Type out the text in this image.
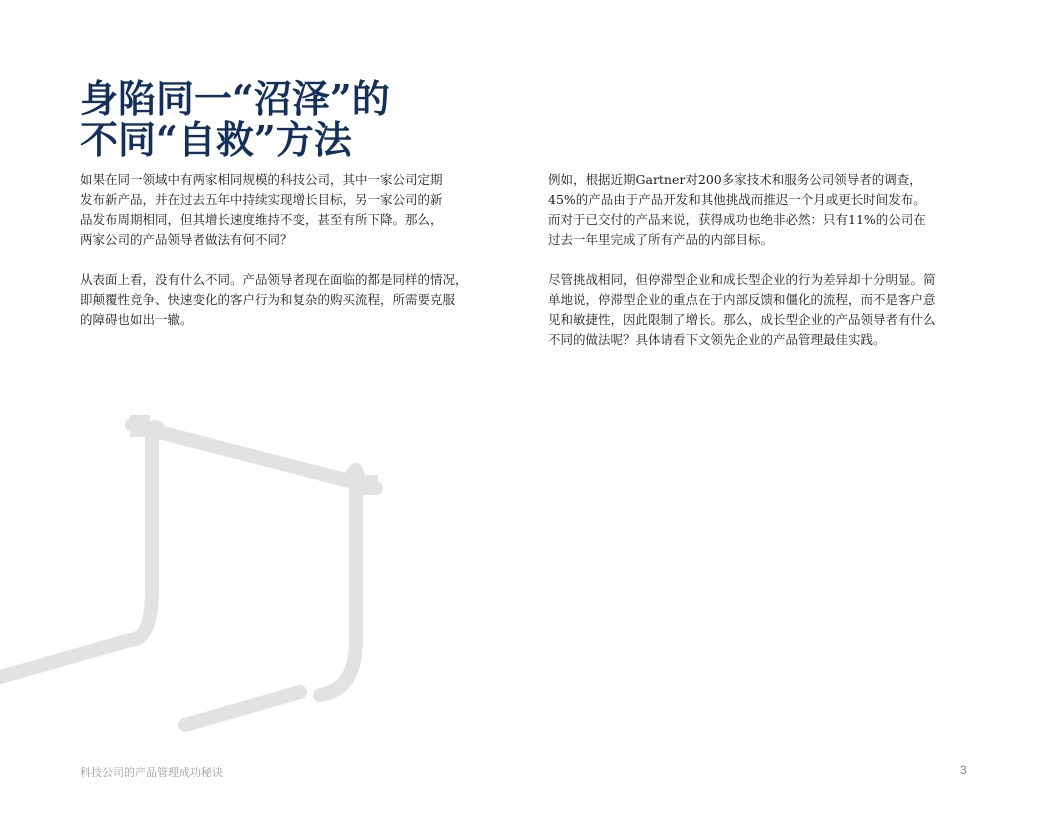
身陷同一“沼泽”的
不同“自救”方法

如果在同一领域中有两家相同规模的科技公司，其中一家公司定期
发布新产品，并在过去五年中持续实现增长目标，另一家公司的新
品发布周期相同，但其增长速度维持不变，甚至有所下降。那么，
两家公司的产品领导者做法有何不同？

从表面上看，没有什么不同。产品领导者现在面临的都是同样的情况，
即颠覆性竞争、快速变化的客户行为和复杂的购买流程，所需要克服
的障碍也如出一辙。

例如，根据近期Gartner对200多家技术和服务公司领导者的调查，
45%的产品由于产品开发和其他挑战而推迟一个月或更长时间发布。
而对于已交付的产品来说，获得成功也绝非必然：只有11%的公司在
过去一年里完成了所有产品的内部目标。

尽管挑战相同，但停滞型企业和成长型企业的行为差异却十分明显。简
单地说，停滞型企业的重点在于内部反馈和僵化的流程，而不是客户意
见和敏捷性，因此限制了增长。那么，成长型企业的产品领导者有什么
不同的做法呢？具体请看下文领先企业的产品管理最佳实践。

科技公司的产品管理成功秘诀	3
